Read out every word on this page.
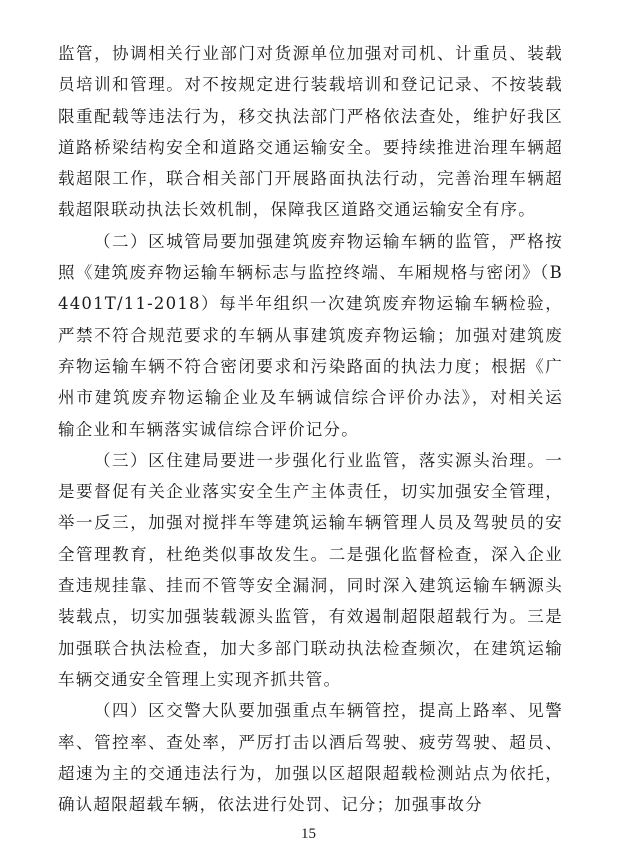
监管，协调相关行业部门对货源单位加强对司机、计重员、装载员培训和管理。对不按规定进行装载培训和登记记录、不按装载限重配载等违法行为，移交执法部门严格依法查处，维护好我区道路桥梁结构安全和道路交通运输安全。要持续推进治理车辆超载超限工作，联合相关部门开展路面执法行动，完善治理车辆超载超限联动执法长效机制，保障我区道路交通运输安全有序。

（二）区城管局要加强建筑废弃物运输车辆的监管，严格按照《建筑废弃物运输车辆标志与监控终端、车厢规格与密闭》（B4401T/11-2018）每半年组织一次建筑废弃物运输车辆检验，严禁不符合规范要求的车辆从事建筑废弃物运输；加强对建筑废弃物运输车辆不符合密闭要求和污染路面的执法力度；根据《广州市建筑废弃物运输企业及车辆诚信综合评价办法》，对相关运输企业和车辆落实诚信综合评价记分。

（三）区住建局要进一步强化行业监管，落实源头治理。一是要督促有关企业落实安全生产主体责任，切实加强安全管理，举一反三，加强对搅拌车等建筑运输车辆管理人员及驾驶员的安全管理教育，杜绝类似事故发生。二是强化监督检查，深入企业查违规挂靠、挂而不管等安全漏洞，同时深入建筑运输车辆源头装载点，切实加强装载源头监管，有效遏制超限超载行为。三是加强联合执法检查，加大多部门联动执法检查频次，在建筑运输车辆交通安全管理上实现齐抓共管。

（四）区交警大队要加强重点车辆管控，提高上路率、见警率、管控率、查处率，严厉打击以酒后驾驶、疲劳驾驶、超员、超速为主的交通违法行为，加强以区超限超载检测站点为依托，确认超限超载车辆，依法进行处罚、记分；加强事故分

15
